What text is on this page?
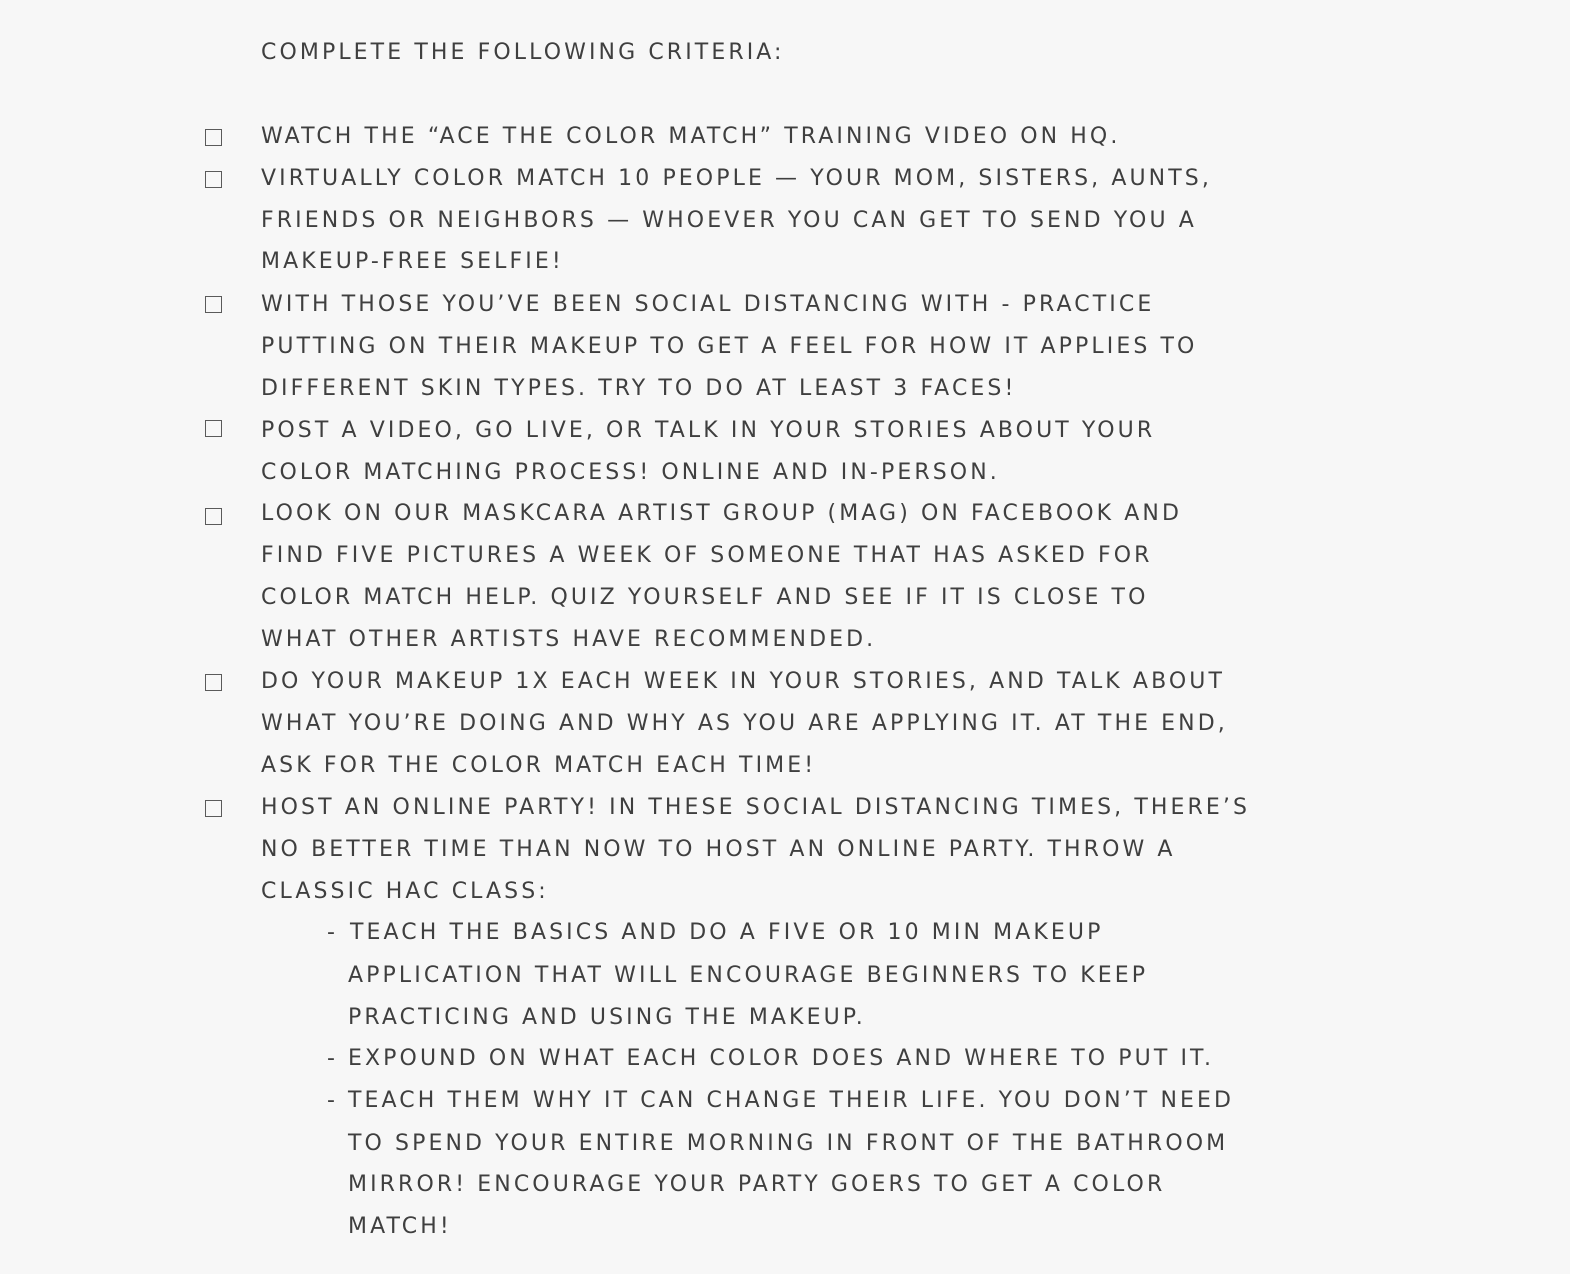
COMPLETE THE FOLLOWING CRITERIA:
WATCH THE “ACE THE COLOR MATCH” TRAINING VIDEO ON HQ.
VIRTUALLY COLOR MATCH 10 PEOPLE — YOUR MOM, SISTERS, AUNTS,
FRIENDS OR NEIGHBORS — WHOEVER YOU CAN GET TO SEND YOU A
MAKEUP-FREE SELFIE!
WITH THOSE YOU’VE BEEN SOCIAL DISTANCING WITH - PRACTICE
PUTTING ON THEIR MAKEUP TO GET A FEEL FOR HOW IT APPLIES TO
DIFFERENT SKIN TYPES. TRY TO DO AT LEAST 3 FACES!
POST A VIDEO, GO LIVE, OR TALK IN YOUR STORIES ABOUT YOUR
COLOR MATCHING PROCESS! ONLINE AND IN-PERSON.
LOOK ON OUR MASKCARA ARTIST GROUP (MAG) ON FACEBOOK AND
FIND FIVE PICTURES A WEEK OF SOMEONE THAT HAS ASKED FOR
COLOR MATCH HELP. QUIZ YOURSELF AND SEE IF IT IS CLOSE TO
WHAT OTHER ARTISTS HAVE RECOMMENDED.
DO YOUR MAKEUP 1X EACH WEEK IN YOUR STORIES, AND TALK ABOUT
WHAT YOU’RE DOING AND WHY AS YOU ARE APPLYING IT. AT THE END,
ASK FOR THE COLOR MATCH EACH TIME!
HOST AN ONLINE PARTY! IN THESE SOCIAL DISTANCING TIMES, THERE’S
NO BETTER TIME THAN NOW TO HOST AN ONLINE PARTY. THROW A
CLASSIC HAC CLASS:
- TEACH THE BASICS AND DO A FIVE OR 10 MIN MAKEUP
APPLICATION THAT WILL ENCOURAGE BEGINNERS TO KEEP
PRACTICING AND USING THE MAKEUP.
- EXPOUND ON WHAT EACH COLOR DOES AND WHERE TO PUT IT.
- TEACH THEM WHY IT CAN CHANGE THEIR LIFE. YOU DON’T NEED
TO SPEND YOUR ENTIRE MORNING IN FRONT OF THE BATHROOM
MIRROR! ENCOURAGE YOUR PARTY GOERS TO GET A COLOR
MATCH!
